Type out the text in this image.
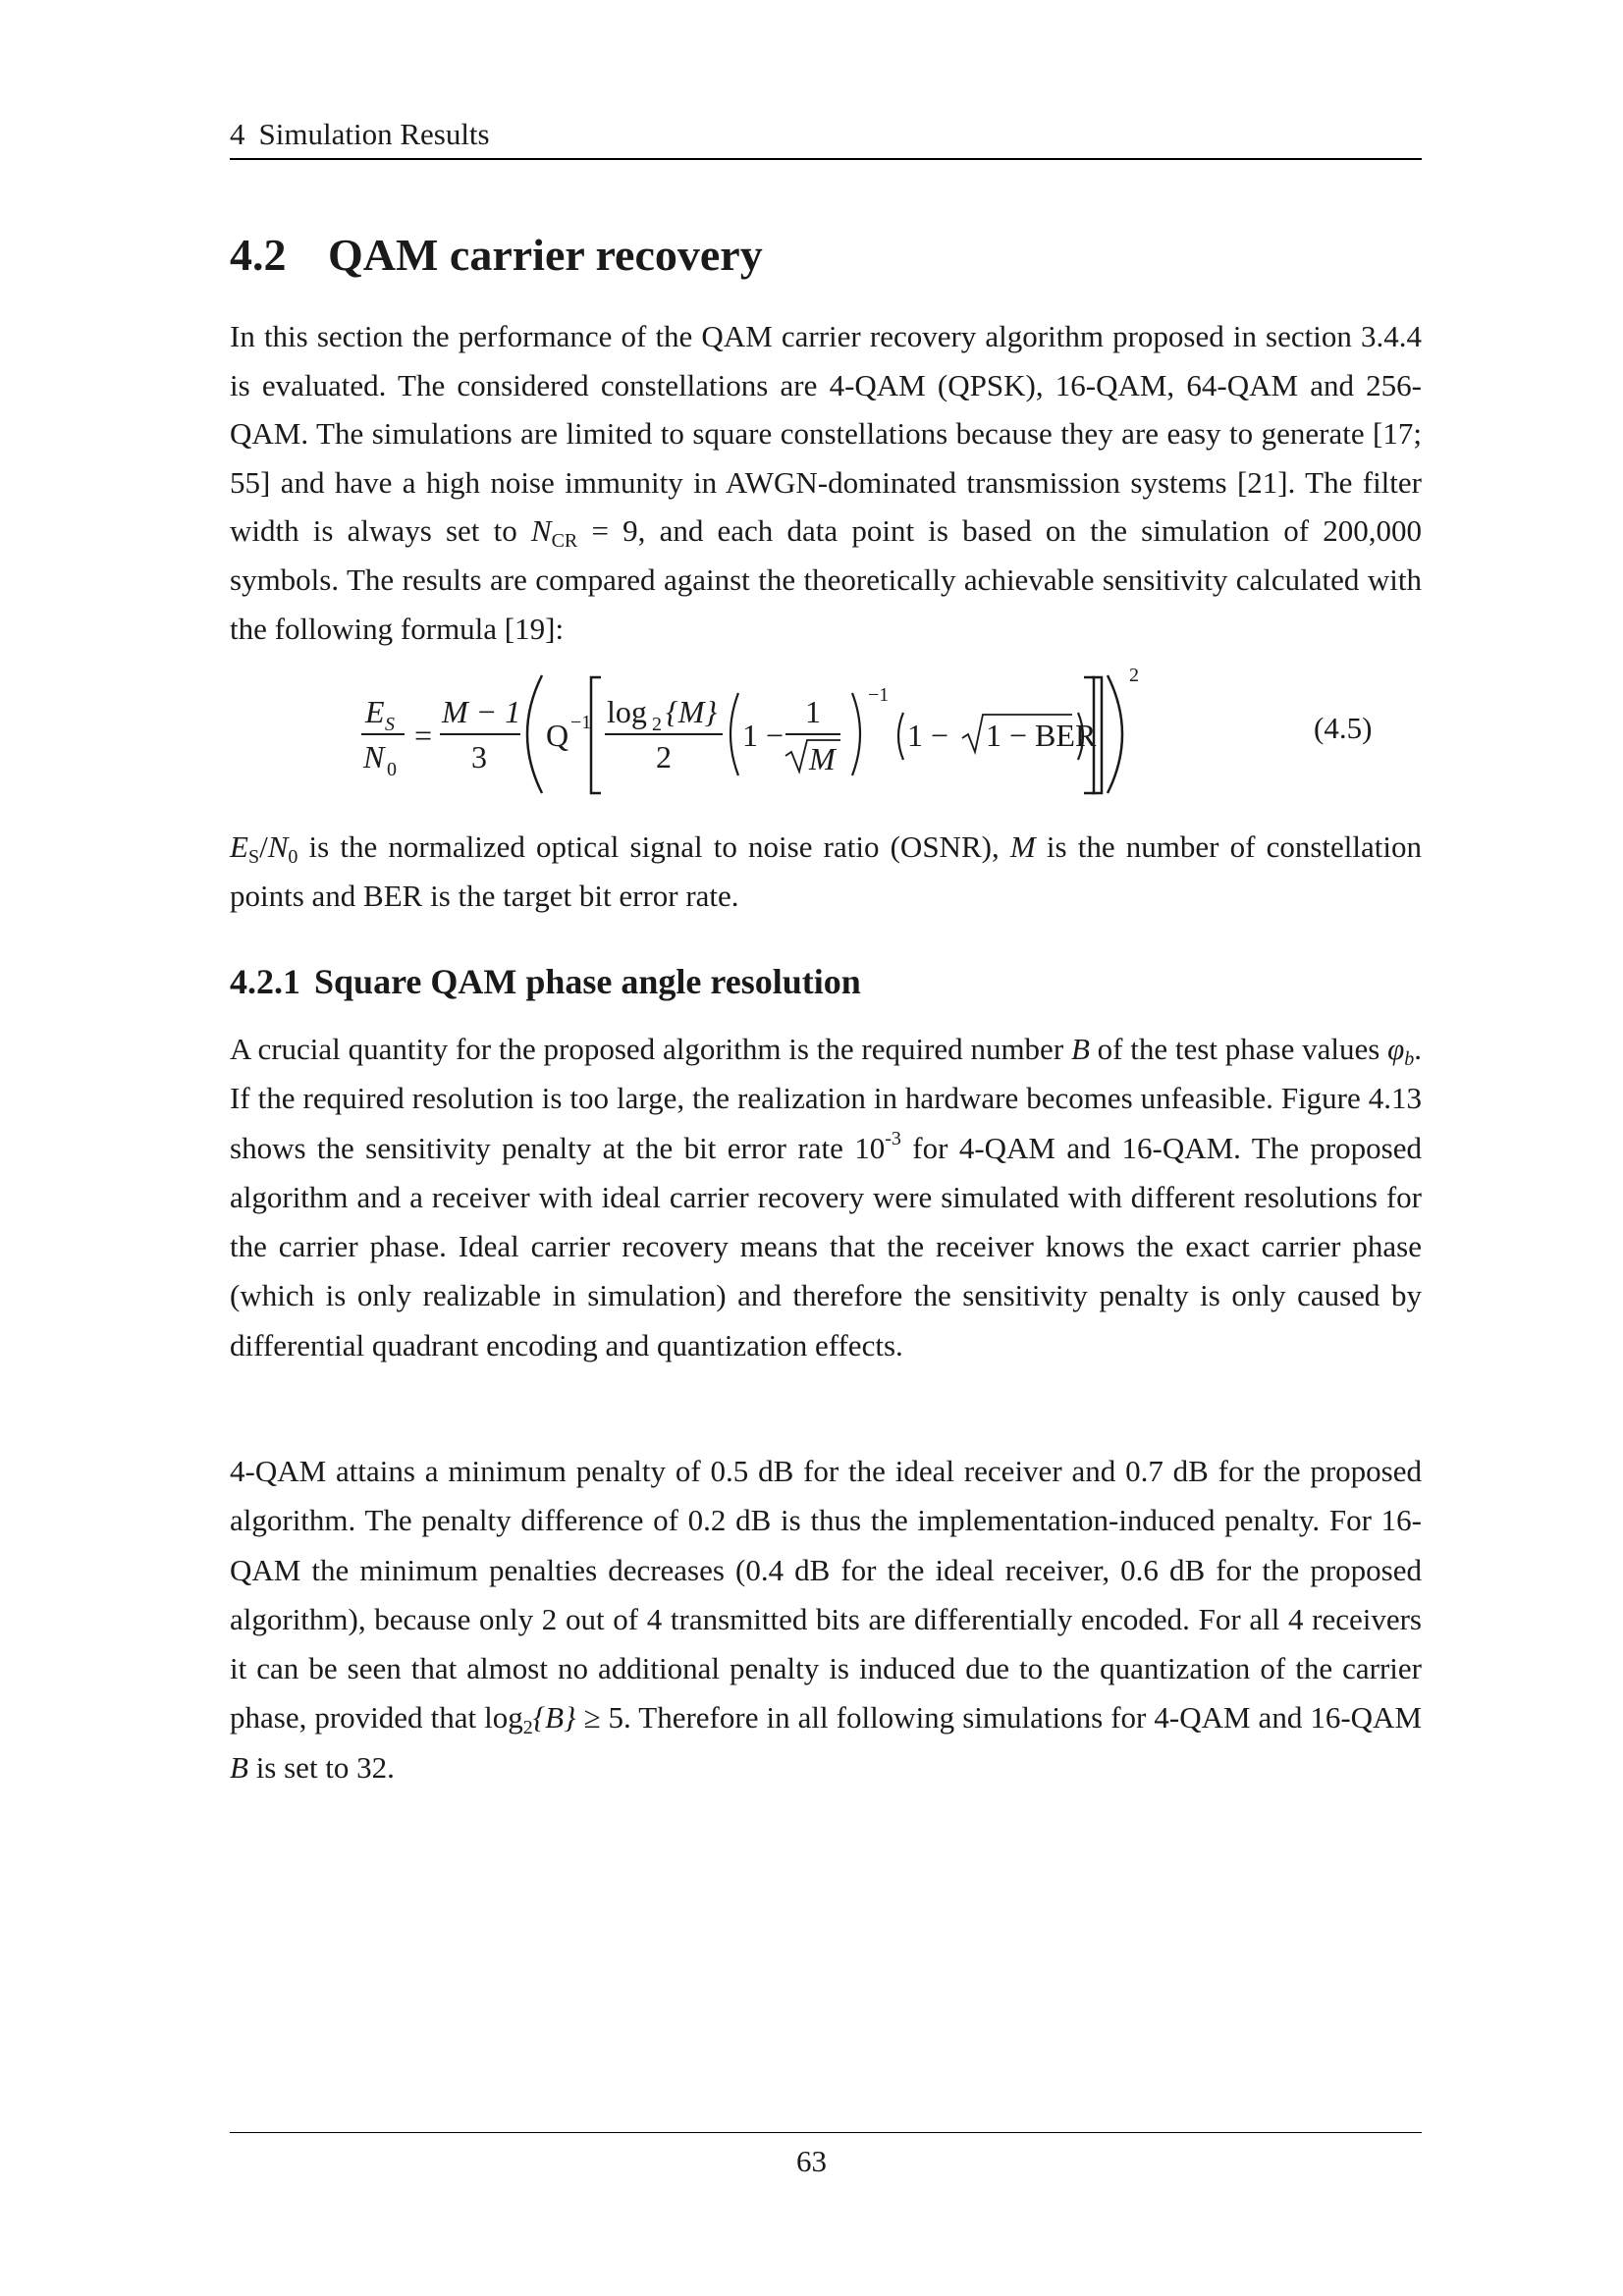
4 Simulation Results
4.2 QAM carrier recovery

In this section the performance of the QAM carrier recovery algorithm proposed in section 3.4.4 is evaluated. The considered constellations are 4-QAM (QPSK), 16-QAM, 64-QAM and 256-QAM. The simulations are limited to square constellations because they are easy to generate [17; 55] and have a high noise immunity in AWGN-dominated transmission systems [21]. The filter width is always set to $N_{CR} = 9$, and each data point is based on the simulation of 200,000 symbols. The results are compared against the theoretically achievable sensitivity calculated with the following formula [19]:

E S
N 0
=
M − 1
3
Q −1 log 2 {M}
2
1 −
1
M
−1
1 − 1 − BER
2
(4.5)

$E_S/N_0$ is the normalized optical signal to noise ratio (OSNR), M is the number of constellation points and BER is the target bit error rate.

4.2.1 Square QAM phase angle resolution

A crucial quantity for the proposed algorithm is the required number B of the test phase values $\varphi_b$. If the required resolution is too large, the realization in hardware becomes unfeasible. Figure 4.13 shows the sensitivity penalty at the bit error rate $10^{-3}$ for 4-QAM and 16-QAM. The proposed algorithm and a receiver with ideal carrier recovery were simulated with different resolutions for the carrier phase. Ideal carrier recovery means that the receiver knows the exact carrier phase (which is only realizable in simulation) and therefore the sensitivity penalty is only caused by differential quadrant encoding and quantization effects.

4-QAM attains a minimum penalty of 0.5 dB for the ideal receiver and 0.7 dB for the proposed algorithm. The penalty difference of 0.2 dB is thus the implementation-induced penalty. For 16-QAM the minimum penalties decreases (0.4 dB for the ideal receiver, 0.6 dB for the proposed algorithm), because only 2 out of 4 transmitted bits are differentially encoded. For all 4 receivers it can be seen that almost no additional penalty is induced due to the quantization of the carrier phase, provided that $\log_2\{B\} \ge 5$. Therefore in all following simulations for 4-QAM and 16-QAM B is set to 32.

63
